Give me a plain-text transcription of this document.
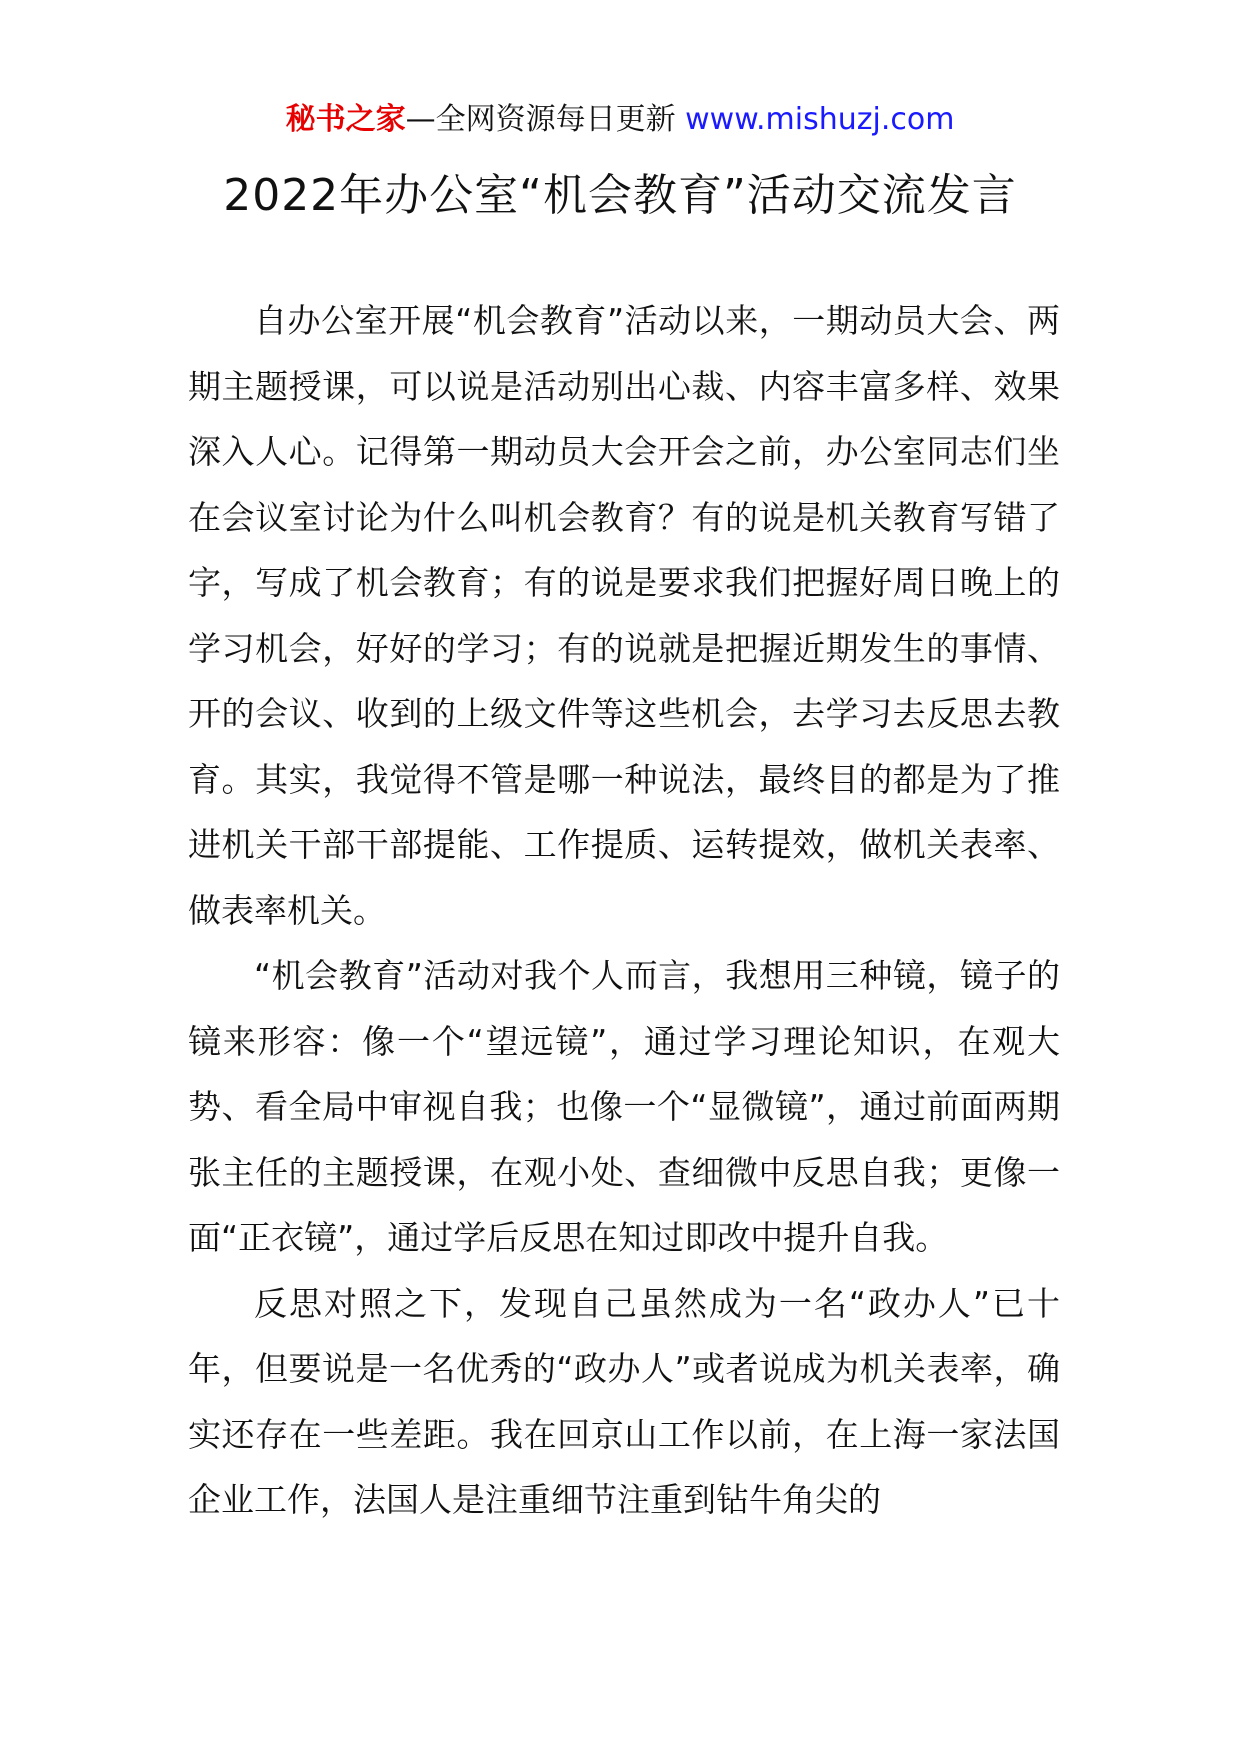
秘书之家—全网资源每日更新 www.mishuzj.com
2022年办公室“机会教育”活动交流发言

自办公室开展“机会教育”活动以来，一期动员大会、两期主题授课，可以说是活动别出心裁、内容丰富多样、效果深入人心。记得第一期动员大会开会之前，办公室同志们坐在会议室讨论为什么叫机会教育？有的说是机关教育写错了字，写成了机会教育；有的说是要求我们把握好周日晚上的学习机会，好好的学习；有的说就是把握近期发生的事情、开的会议、收到的上级文件等这些机会，去学习去反思去教育。其实，我觉得不管是哪一种说法，最终目的都是为了推进机关干部干部提能、工作提质、运转提效，做机关表率、做表率机关。

“机会教育”活动对我个人而言，我想用三种镜，镜子的镜来形容：像一个“望远镜”，通过学习理论知识，在观大势、看全局中审视自我；也像一个“显微镜”，通过前面两期张主任的主题授课，在观小处、查细微中反思自我；更像一面“正衣镜”，通过学后反思在知过即改中提升自我。

反思对照之下，发现自己虽然成为一名“政办人”已十年，但要说是一名优秀的“政办人”或者说成为机关表率，确实还存在一些差距。我在回京山工作以前，在上海一家法国企业工作，法国人是注重细节注重到钻牛角尖的
